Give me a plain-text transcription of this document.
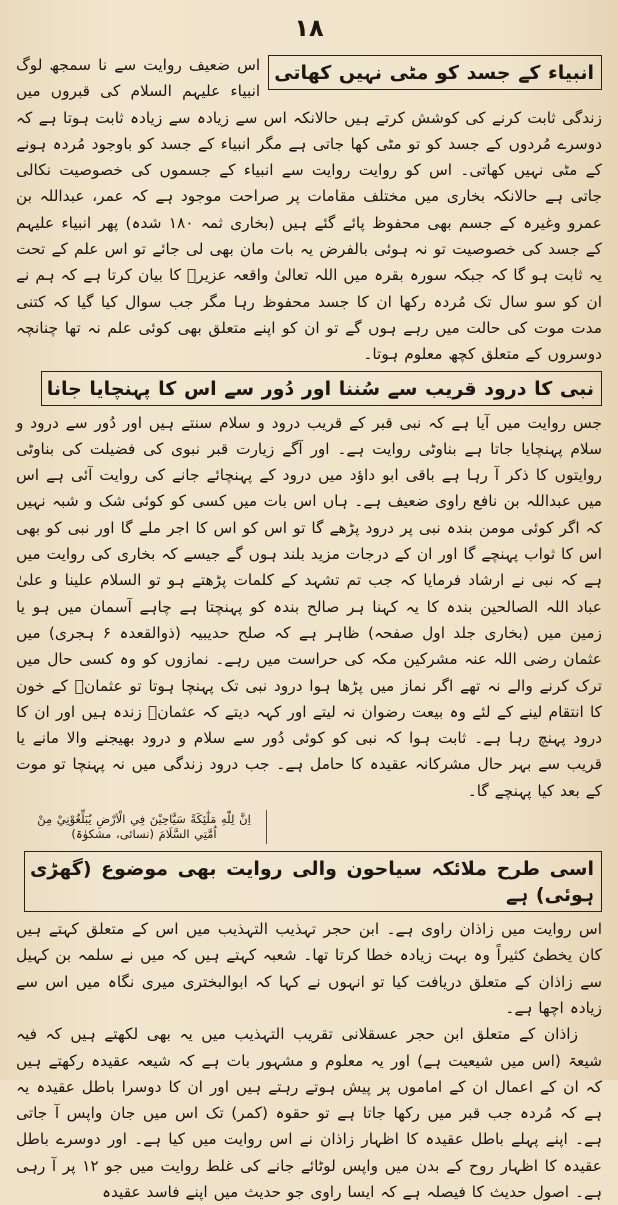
۱۸
انبیاء کے جسد کو مٹی نہیں کھاتی

اس ضعیف روایت سے نا سمجھ لوگ انبیاء علیہم السلام کی قبروں میں زندگی ثابت کرنے کی کوشش کرتے ہیں حالانکہ اس سے زیادہ سے زیادہ ثابت ہوتا ہے کہ دوسرے مُردوں کے جسد کو تو مٹی کھا جاتی ہے مگر انبیاء کے جسد کو باوجود مُردہ ہونے کے مٹی نہیں کھاتی۔ اس کو روایت روایت سے انبیاء کے جسموں کی خصوصیت نکالی جاتی ہے حالانکہ بخاری میں مختلف مقامات پر صراحت موجود ہے کہ عمر، عبداللہ بن عمرو وغیرہ کے جسم بھی محفوظ پائے گئے ہیں (بخاری ثمہ ۱۸۰ شدہ) پھر انبیاء علیہم کے جسد کی خصوصیت تو نہ ہوئی بالفرض یہ بات مان بھی لی جائے تو اس علم کے تحت یہ ثابت ہو گا کہ جبکہ سورہ بقرہ میں اللہ تعالیٰ واقعہ عزیرؑ کا بیان کرتا ہے کہ ہم نے ان کو سو سال تک مُردہ رکھا ان کا جسد محفوظ رہا مگر جب سوال کیا گیا کہ کتنی مدت موت کی حالت میں رہے ہوں گے تو ان کو اپنے متعلق بھی کوئی علم نہ تھا چنانچہ دوسروں کے متعلق کچھ معلوم ہوتا۔

نبی کا درود قریب سے سُننا اور دُور سے اس کا پہنچایا جانا

جس روایت میں آیا ہے کہ نبی قبر کے قریب درود و سلام سنتے ہیں اور دُور سے درود و سلام پہنچایا جاتا ہے بناوٹی روایت ہے۔ اور آگے زیارت قبر نبوی کی فضیلت کی بناوٹی روایتوں کا ذکر آ رہا ہے باقی ابو داؤد میں درود کے پہنچائے جانے کی روایت آئی ہے اس میں عبداللہ بن نافع راوی ضعیف ہے۔ ہاں اس بات میں کسی کو کوئی شک و شبہ نہیں کہ اگر کوئی مومن بندہ نبی پر درود پڑھے گا تو اس کو اس کا اجر ملے گا اور نبی کو بھی اس کا ثواب پہنچے گا اور ان کے درجات مزید بلند ہوں گے جیسے کہ بخاری کی روایت میں ہے کہ نبی نے ارشاد فرمایا کہ جب تم تشہد کے کلمات پڑھتے ہو تو السلام علینا و علیٰ عباد اللہ الصالحین بندہ کا یہ کہنا ہر صالح بندہ کو پہنچتا ہے چاہے آسمان میں ہو یا زمین میں (بخاری جلد اول صفحہ) ظاہر ہے کہ صلح حدیبیہ (ذوالقعدہ ۶ ہجری) میں عثمان رضی اللہ عنہ مشرکین مکہ کی حراست میں رہے۔ نمازوں کو وہ کسی حال میں ترک کرنے والے نہ تھے اگر نماز میں پڑھا ہوا درود نبی تک پہنچا ہوتا تو عثمانؓ کے خون کا انتقام لینے کے لئے وہ بیعت رضوان نہ لیتے اور کہہ دیتے کہ عثمانؓ زندہ ہیں اور ان کا درود پہنچ رہا ہے۔ ثابت ہوا کہ نبی کو کوئی دُور سے سلام و درود بھیجنے والا مانے یا قریب سے بہر حال مشرکانہ عقیدہ کا حامل ہے۔ جب درود زندگی میں نہ پہنچا تو موت کے بعد کیا پہنچے گا۔

اِنَّ لِلّٰهِ مَلٰٓئِكَةً سَيَّاحِيْنَ فِي الْاَرْضِ يُبَلِّغُوْنِيْ مِنْ اُمَّتِي السَّلَامَ (نسائی، مشکوٰۃ)
اسی طرح ملائکہ سیاحون والی روایت بھی موضوع (گھڑی ہوئی) ہے

اس روایت میں زاذان راوی ہے۔ ابن حجر تہذیب التہذیب میں اس کے متعلق کہتے ہیں کان یخطئ کثیراً وہ بہت زیادہ خطا کرتا تھا۔ شعبہ کہتے ہیں کہ میں نے سلمہ بن کہیل سے زاذان کے متعلق دریافت کیا تو انہوں نے کہا کہ ابوالبختری میری نگاہ میں اس سے زیادہ اچھا ہے۔

زاذان کے متعلق ابن حجر عسقلانی تقریب التہذیب میں یہ بھی لکھتے ہیں کہ فیہ شیعۃ (اس میں شیعیت ہے) اور یہ معلوم و مشہور بات ہے کہ شیعہ عقیدہ رکھتے ہیں کہ ان کے اعمال ان کے اماموں پر پیش ہوتے رہتے ہیں اور ان کا دوسرا باطل عقیدہ یہ ہے کہ مُردہ جب قبر میں رکھا جاتا ہے تو حقوہ (کمر) تک اس میں جان واپس آ جاتی ہے۔ اپنے پہلے باطل عقیدہ کا اظہار زاذان نے اس روایت میں کیا ہے۔ اور دوسرے باطل عقیدہ کا اظہار روح کے بدن میں واپس لوٹائے جانے کی غلط روایت میں جو ۱۲ پر آ رہی ہے۔ اصول حدیث کا فیصلہ ہے کہ ایسا راوی جو حدیث میں اپنے فاسد عقیدہ
